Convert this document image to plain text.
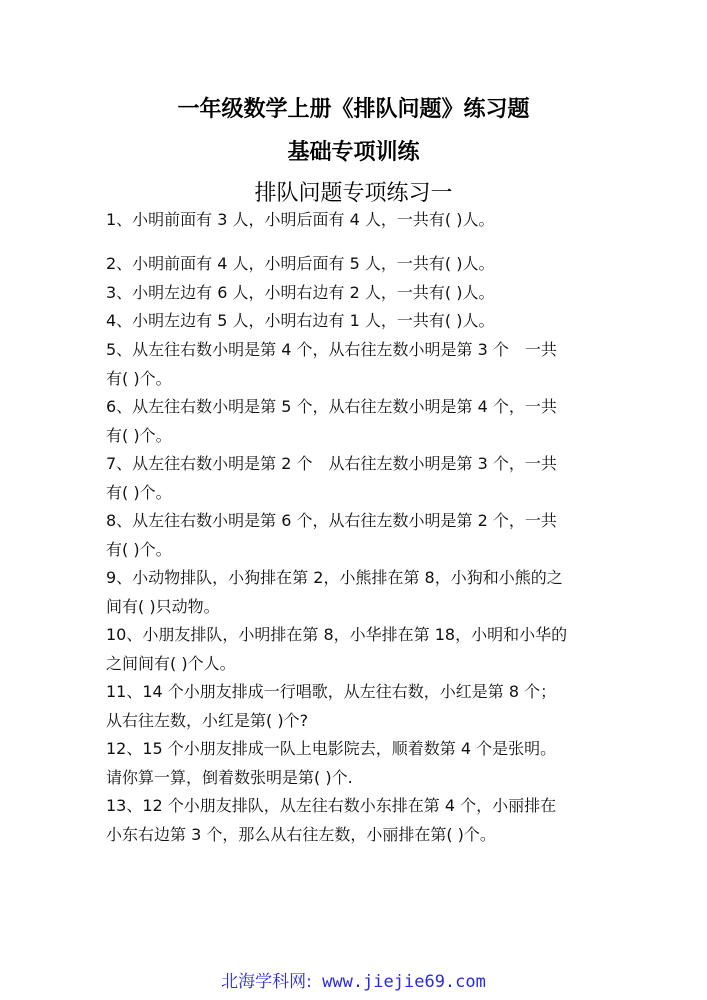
一年级数学上册《排队问题》练习题
基础专项训练
排队问题专项练习一
1、小明前面有 3 人，小明后面有 4 人，一共有( )人。
2、小明前面有 4 人，小明后面有 5 人，一共有( )人。
3、小明左边有 6 人，小明右边有 2 人，一共有( )人。
4、小明左边有 5 人，小明右边有 1 人，一共有( )人。
5、从左往右数小明是第 4 个，从右往左数小明是第 3 个　一共
有( )个。
6、从左往右数小明是第 5 个，从右往左数小明是第 4 个，一共
有( )个。
7、从左往右数小明是第 2 个　从右往左数小明是第 3 个，一共
有( )个。
8、从左往右数小明是第 6 个，从右往左数小明是第 2 个，一共
有( )个。
9、小动物排队，小狗排在第 2，小熊排在第 8，小狗和小熊的之
间有( )只动物。
10、小朋友排队，小明排在第 8，小华排在第 18，小明和小华的
之间间有( )个人。
11、14 个小朋友排成一行唱歌，从左往右数，小红是第 8 个；
从右往左数，小红是第( )个?
12、15 个小朋友排成一队上电影院去，顺着数第 4 个是张明。
请你算一算，倒着数张明是第( )个.
13、12 个小朋友排队，从左往右数小东排在第 4 个，小丽排在
小东右边第 3 个，那么从右往左数，小丽排在第( )个。
北海学科网: www.jiejie69.com
